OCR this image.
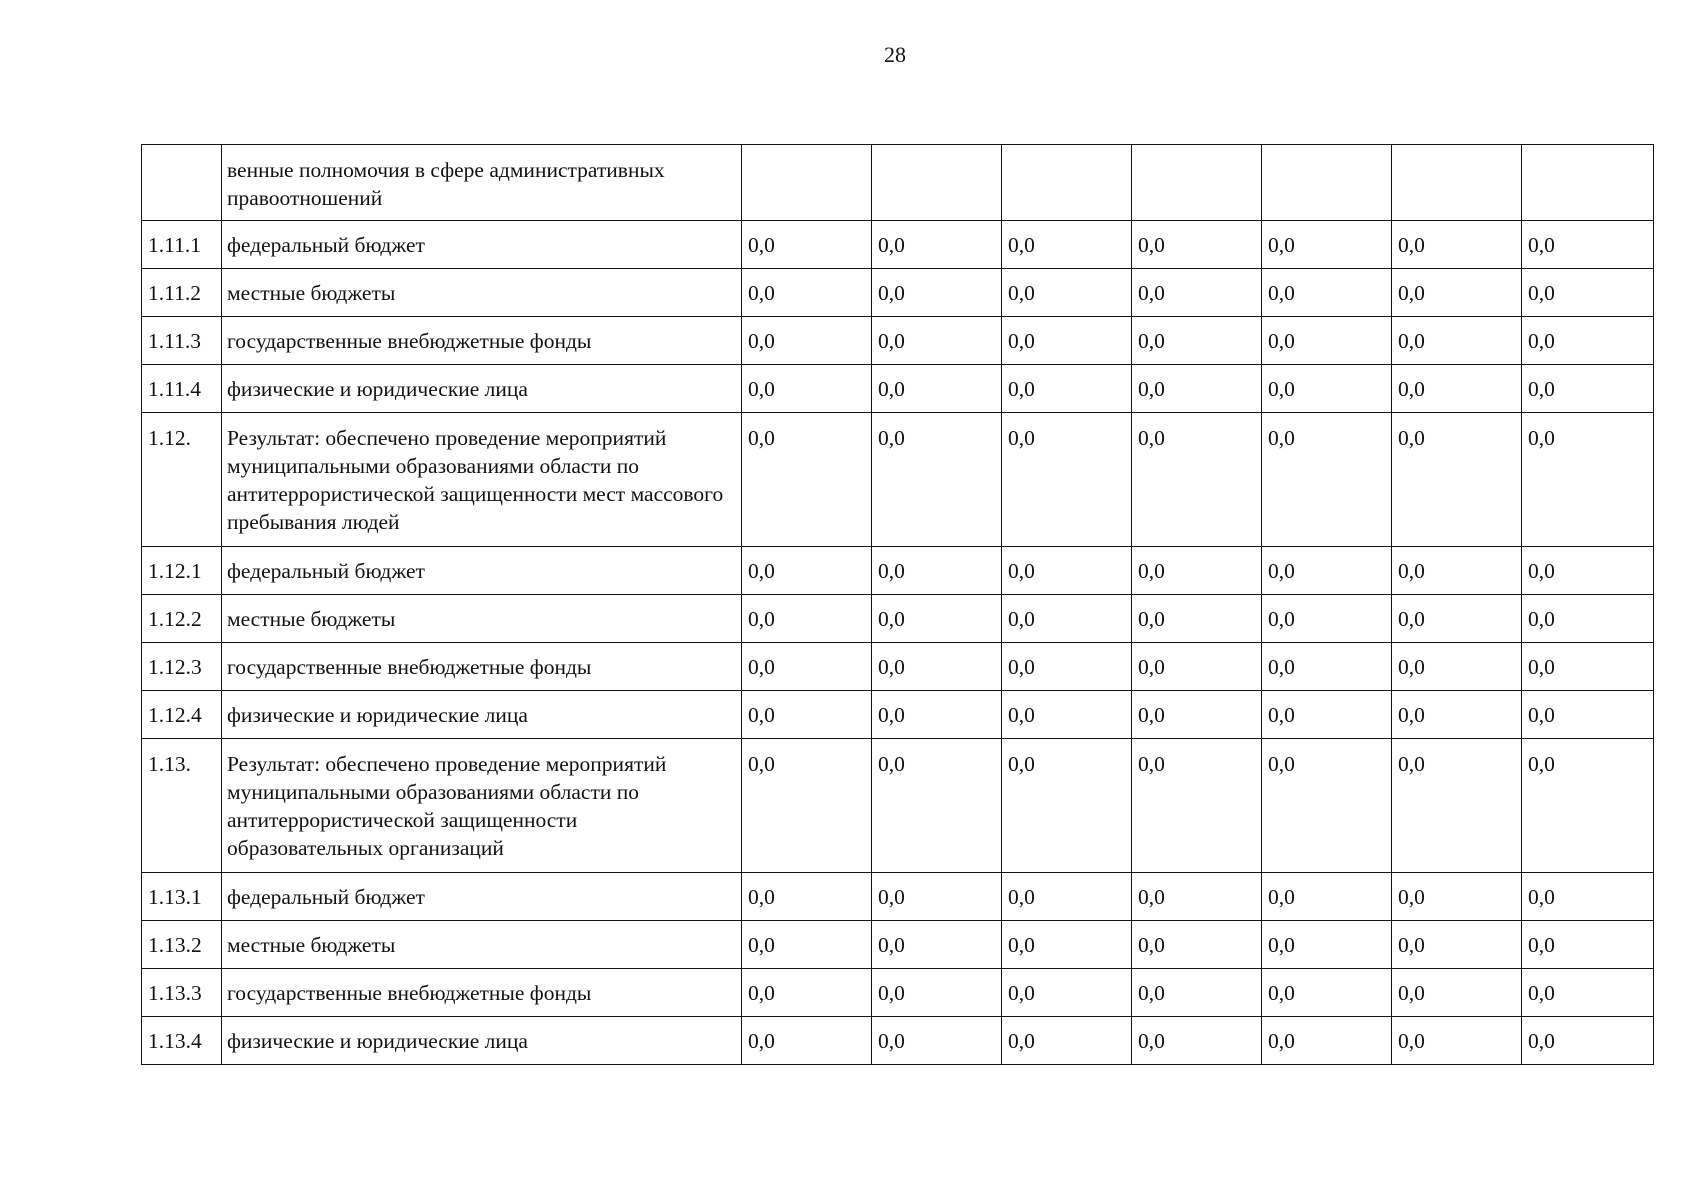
28
	венные полномочия в сфере административных правоотношений							
1.11.1	федеральный бюджет	0,0	0,0	0,0	0,0	0,0	0,0	0,0
1.11.2	местные бюджеты	0,0	0,0	0,0	0,0	0,0	0,0	0,0
1.11.3	государственные внебюджетные фонды	0,0	0,0	0,0	0,0	0,0	0,0	0,0
1.11.4	физические и юридические лица	0,0	0,0	0,0	0,0	0,0	0,0	0,0
1.12.	Результат: обеспечено проведение мероприятий муниципальными образованиями области по антитеррористической защищенности мест массового пребывания людей	0,0	0,0	0,0	0,0	0,0	0,0	0,0
1.12.1	федеральный бюджет	0,0	0,0	0,0	0,0	0,0	0,0	0,0
1.12.2	местные бюджеты	0,0	0,0	0,0	0,0	0,0	0,0	0,0
1.12.3	государственные внебюджетные фонды	0,0	0,0	0,0	0,0	0,0	0,0	0,0
1.12.4	физические и юридические лица	0,0	0,0	0,0	0,0	0,0	0,0	0,0
1.13.	Результат: обеспечено проведение мероприятий муниципальными образованиями области по антитеррористической защищенности образовательных организаций	0,0	0,0	0,0	0,0	0,0	0,0	0,0
1.13.1	федеральный бюджет	0,0	0,0	0,0	0,0	0,0	0,0	0,0
1.13.2	местные бюджеты	0,0	0,0	0,0	0,0	0,0	0,0	0,0
1.13.3	государственные внебюджетные фонды	0,0	0,0	0,0	0,0	0,0	0,0	0,0
1.13.4	физические и юридические лица	0,0	0,0	0,0	0,0	0,0	0,0	0,0
